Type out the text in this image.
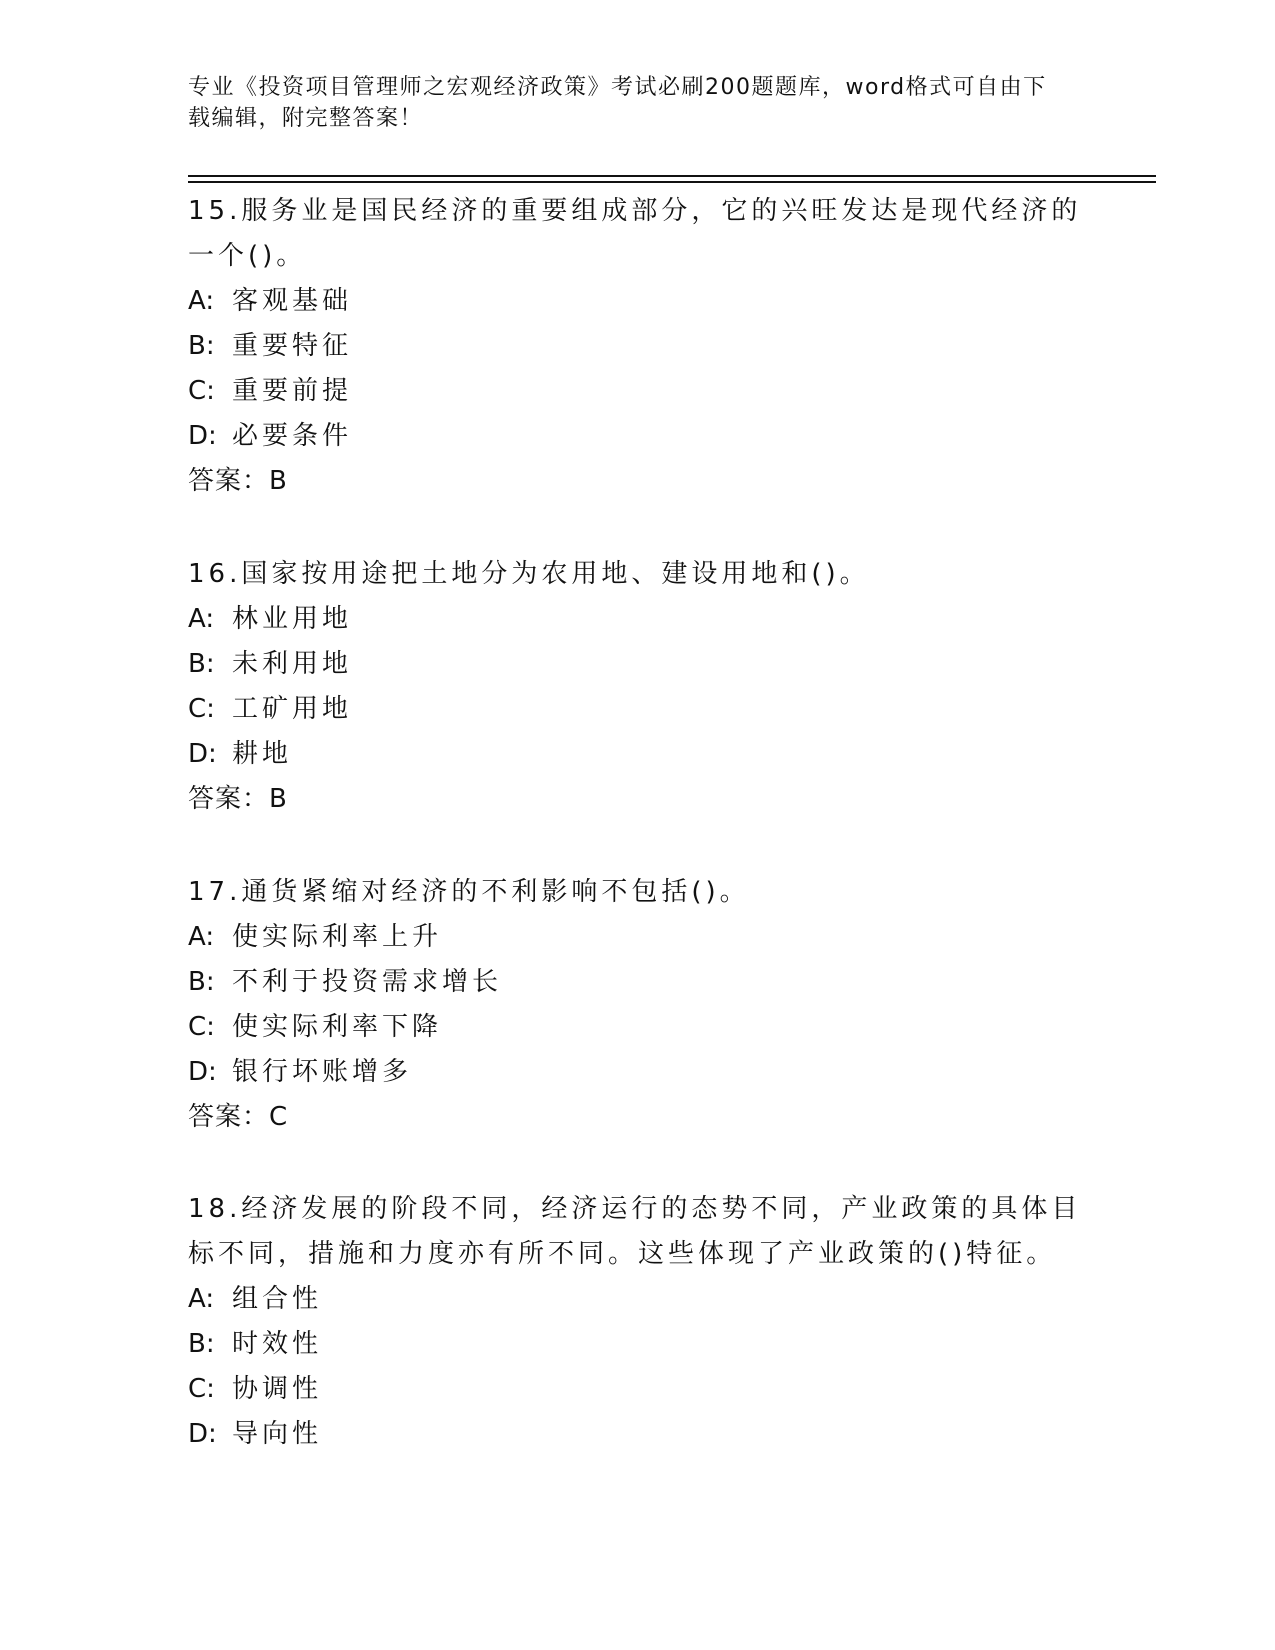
专业《投资项目管理师之宏观经济政策》考试必刷200题题库，word格式可自由下载编辑，附完整答案！

15.服务业是国民经济的重要组成部分，它的兴旺发达是现代经济的一个()。

A: 客观基础

B: 重要特征

C: 重要前提

D: 必要条件

答案：B

16.国家按用途把土地分为农用地、建设用地和()。

A: 林业用地

B: 未利用地

C: 工矿用地

D: 耕地

答案：B

17.通货紧缩对经济的不利影响不包括()。

A: 使实际利率上升

B: 不利于投资需求增长

C: 使实际利率下降

D: 银行坏账增多

答案：C

18.经济发展的阶段不同，经济运行的态势不同，产业政策的具体目标不同，措施和力度亦有所不同。这些体现了产业政策的()特征。

A: 组合性

B: 时效性

C: 协调性

D: 导向性
